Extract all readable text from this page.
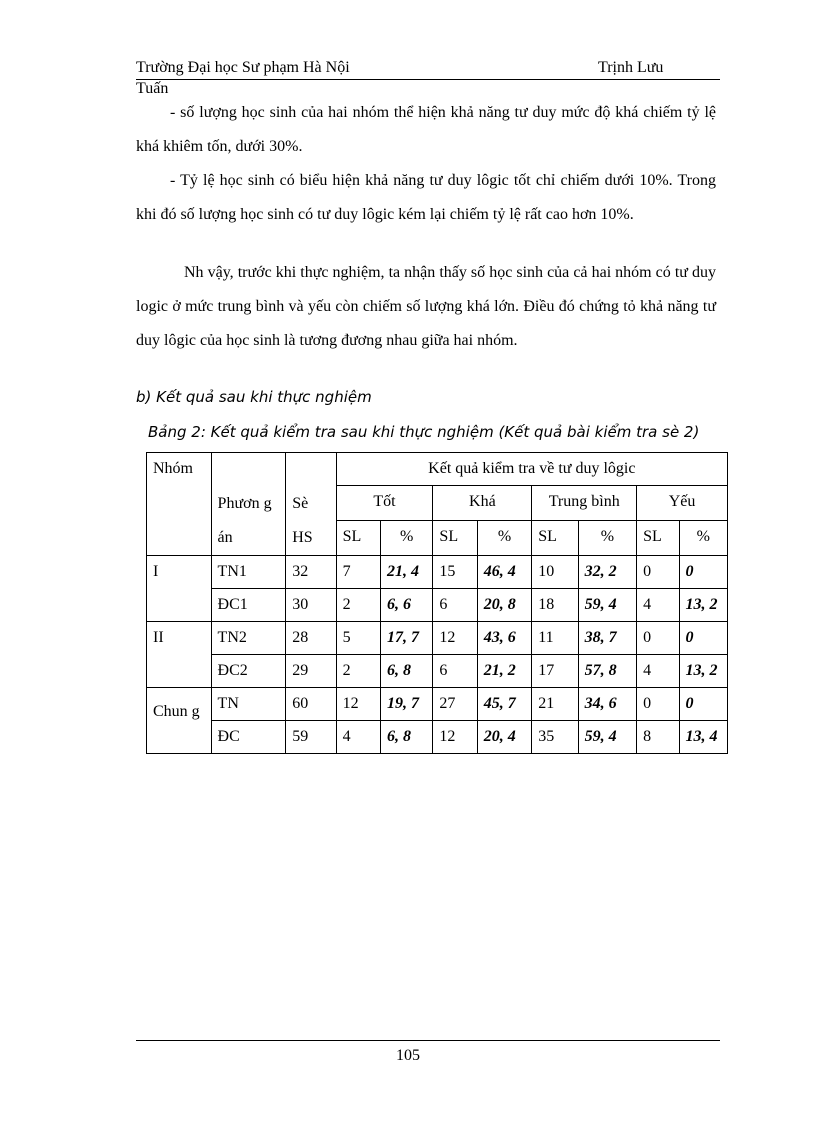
Trường Đại học Sư phạm Hà Nội	Trịnh Lưu
Tuấn
- số lượng học sinh của hai nhóm thể hiện khả năng tư duy mức độ khá chiếm tỷ lệ khá khiêm tốn, dưới 30%.
- Tỷ lệ học sinh có biểu hiện khả năng tư duy lôgic tốt chỉ chiếm dưới 10%. Trong khi đó số lượng học sinh có tư duy lôgic kém lại chiếm tỷ lệ rất cao hơn 10%.
Nh vậy, trước khi thực nghiệm, ta nhận thấy số học sinh của cả hai nhóm có tư duy logic ở mức trung bình và yếu còn chiếm số lượng khá lớn. Điều đó chứng tỏ khả năng tư duy lôgic của học sinh là tương đương nhau giữa hai nhóm.
b) Kết quả sau khi thực nghiệm
Bảng 2: Kết quả kiểm tra sau khi thực nghiệm (Kết quả bài kiểm tra sè 2)
Nhóm	Phươn g án	Sè HS	Kết quả kiểm tra về tư duy lôgic							
			Tốt		Khá		Trung bình		Yếu	
			SL	%	SL	%	SL	%	SL	%
I	TN1	32	7	21, 4	15	46, 4	10	32, 2	0	0
	ĐC1	30	2	6, 6	6	20, 8	18	59, 4	4	13, 2
II	TN2	28	5	17, 7	12	43, 6	11	38, 7	0	0
	ĐC2	29	2	6, 8	6	21, 2	17	57, 8	4	13, 2
Chun g	TN	60	12	19, 7	27	45, 7	21	34, 6	0	0
	ĐC	59	4	6, 8	12	20, 4	35	59, 4	8	13, 4
105
